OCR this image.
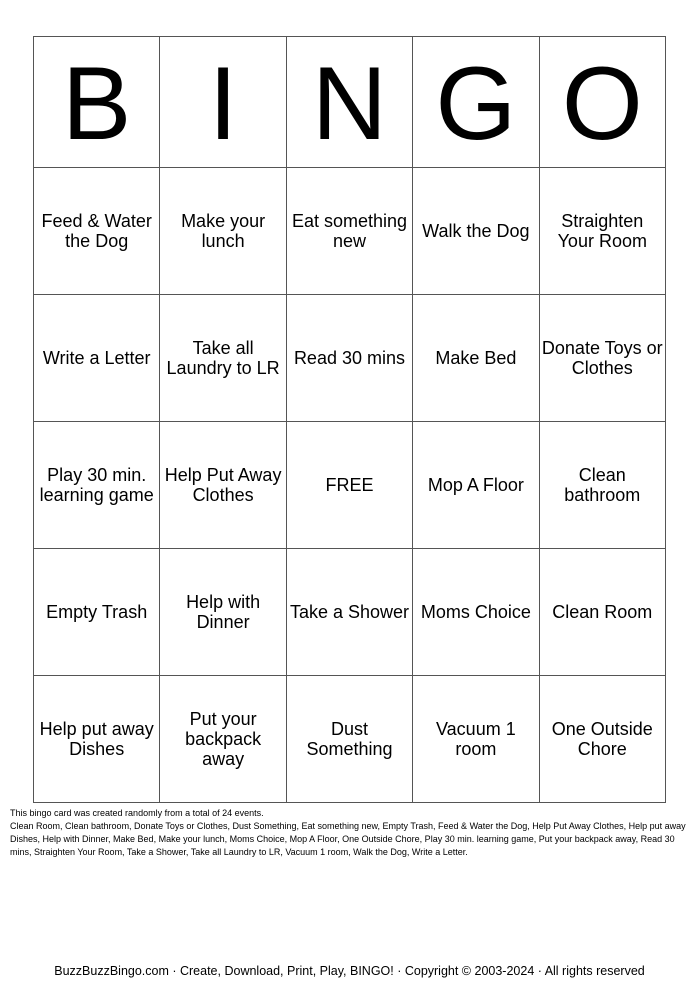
B	I	N	G	O
Feed & Water the Dog	Make your lunch	Eat something new	Walk the Dog	Straighten Your Room
Write a Letter	Take all Laundry to LR	Read 30 mins	Make Bed	Donate Toys or Clothes
Play 30 min. learning game	Help Put Away Clothes	FREE	Mop A Floor	Clean bathroom
Empty Trash	Help with Dinner	Take a Shower	Moms Choice	Clean Room
Help put away Dishes	Put your backpack away	Dust Something	Vacuum 1 room	One Outside Chore

This bingo card was created randomly from a total of 24 events.

Clean Room, Clean bathroom, Donate Toys or Clothes, Dust Something, Eat something new, Empty Trash, Feed & Water the Dog, Help Put Away Clothes, Help put away Dishes, Help with Dinner, Make Bed, Make your lunch, Moms Choice, Mop A Floor, One Outside Chore, Play 30 min. learning game, Put your backpack away, Read 30 mins, Straighten Your Room, Take a Shower, Take all Laundry to LR, Vacuum 1 room, Walk the Dog, Write a Letter.

BuzzBuzzBingo.com · Create, Download, Print, Play, BINGO! · Copyright © 2003-2024 · All rights reserved
